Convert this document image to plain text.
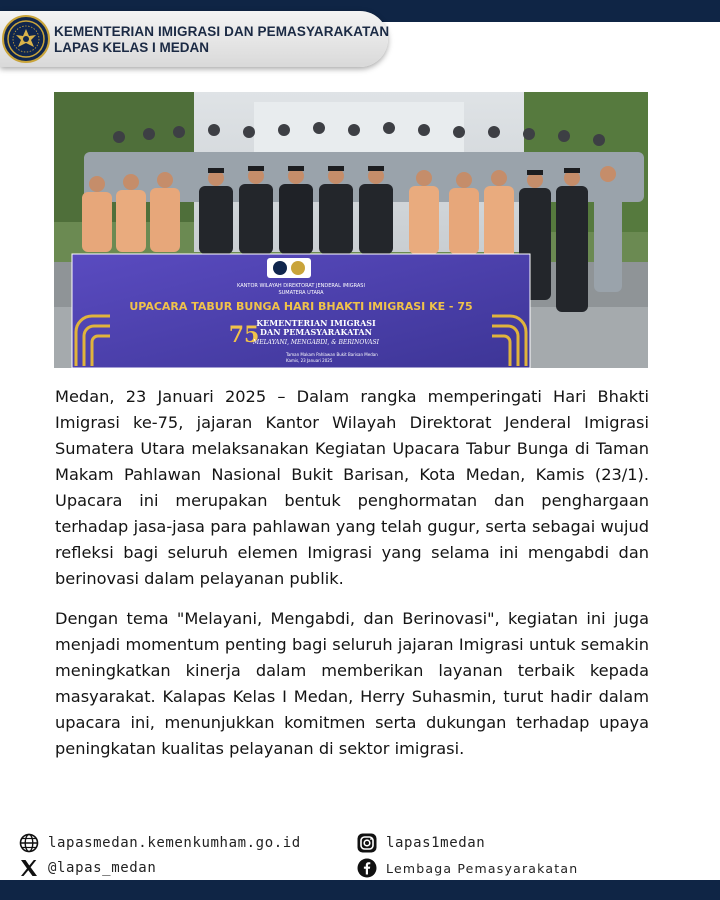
KEMENTERIAN IMIGRASI DAN PEMASYARAKATAN
LAPAS KELAS I MEDAN
KANTOR WILAYAH DIREKTORAT JENDERAL IMIGRASI
SUMATERA UTARA
UPACARA TABUR BUNGA HARI BHAKTI IMIGRASI KE - 75
75
KEMENTERIAN IMIGRASI
DAN PEMASYARAKATAN
MELAYANI, MENGABDI, & BERINOVASI
Taman Makam Pahlawan Bukit Barisan Medan
Kamis, 23 Januari 2025

Medan, 23 Januari 2025 – Dalam rangka memperingati Hari Bhakti Imigrasi ke-75, jajaran Kantor Wilayah Direktorat Jenderal Imigrasi Sumatera Utara melaksanakan Kegiatan Upacara Tabur Bunga di Taman Makam Pahlawan Nasional Bukit Barisan, Kota Medan, Kamis (23/1). Upacara ini merupakan bentuk penghormatan dan penghargaan terhadap jasa-jasa para pahlawan yang telah gugur, serta sebagai wujud refleksi bagi seluruh elemen Imigrasi yang selama ini mengabdi dan berinovasi dalam pelayanan publik.

Dengan tema "Melayani, Mengabdi, dan Berinovasi", kegiatan ini juga menjadi momentum penting bagi seluruh jajaran Imigrasi untuk semakin meningkatkan kinerja dalam memberikan layanan terbaik kepada masyarakat. Kalapas Kelas I Medan, Herry Suhasmin, turut hadir dalam upacara ini, menunjukkan komitmen serta dukungan terhadap upaya peningkatan kualitas pelayanan di sektor imigrasi.

lapasmedan.kemenkumham.go.id
@lapas_medan
lapas1medan
Lembaga Pemasyarakatan
